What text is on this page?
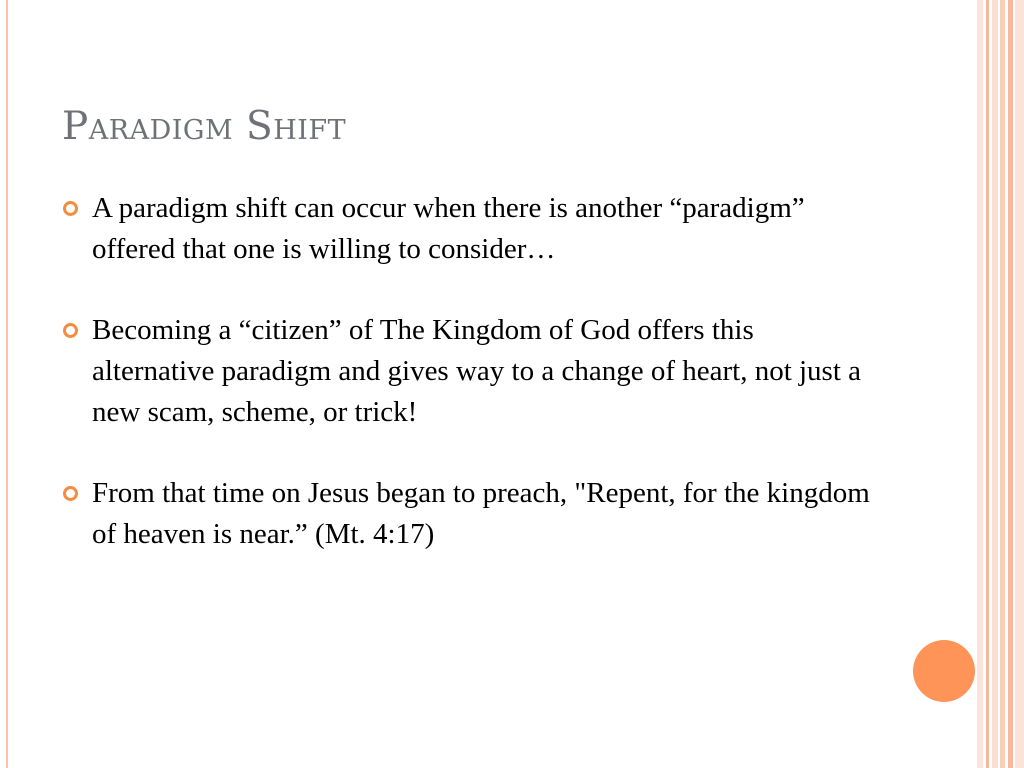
Paradigm Shift
A paradigm shift can occur when there is another “paradigm” offered that one is willing to consider…
Becoming a “citizen” of The Kingdom of God offers this alternative paradigm and gives way to a change of heart, not just a new scam, scheme, or trick!
From that time on Jesus began to preach, "Repent, for the kingdom of heaven is near.” (Mt. 4:17)
